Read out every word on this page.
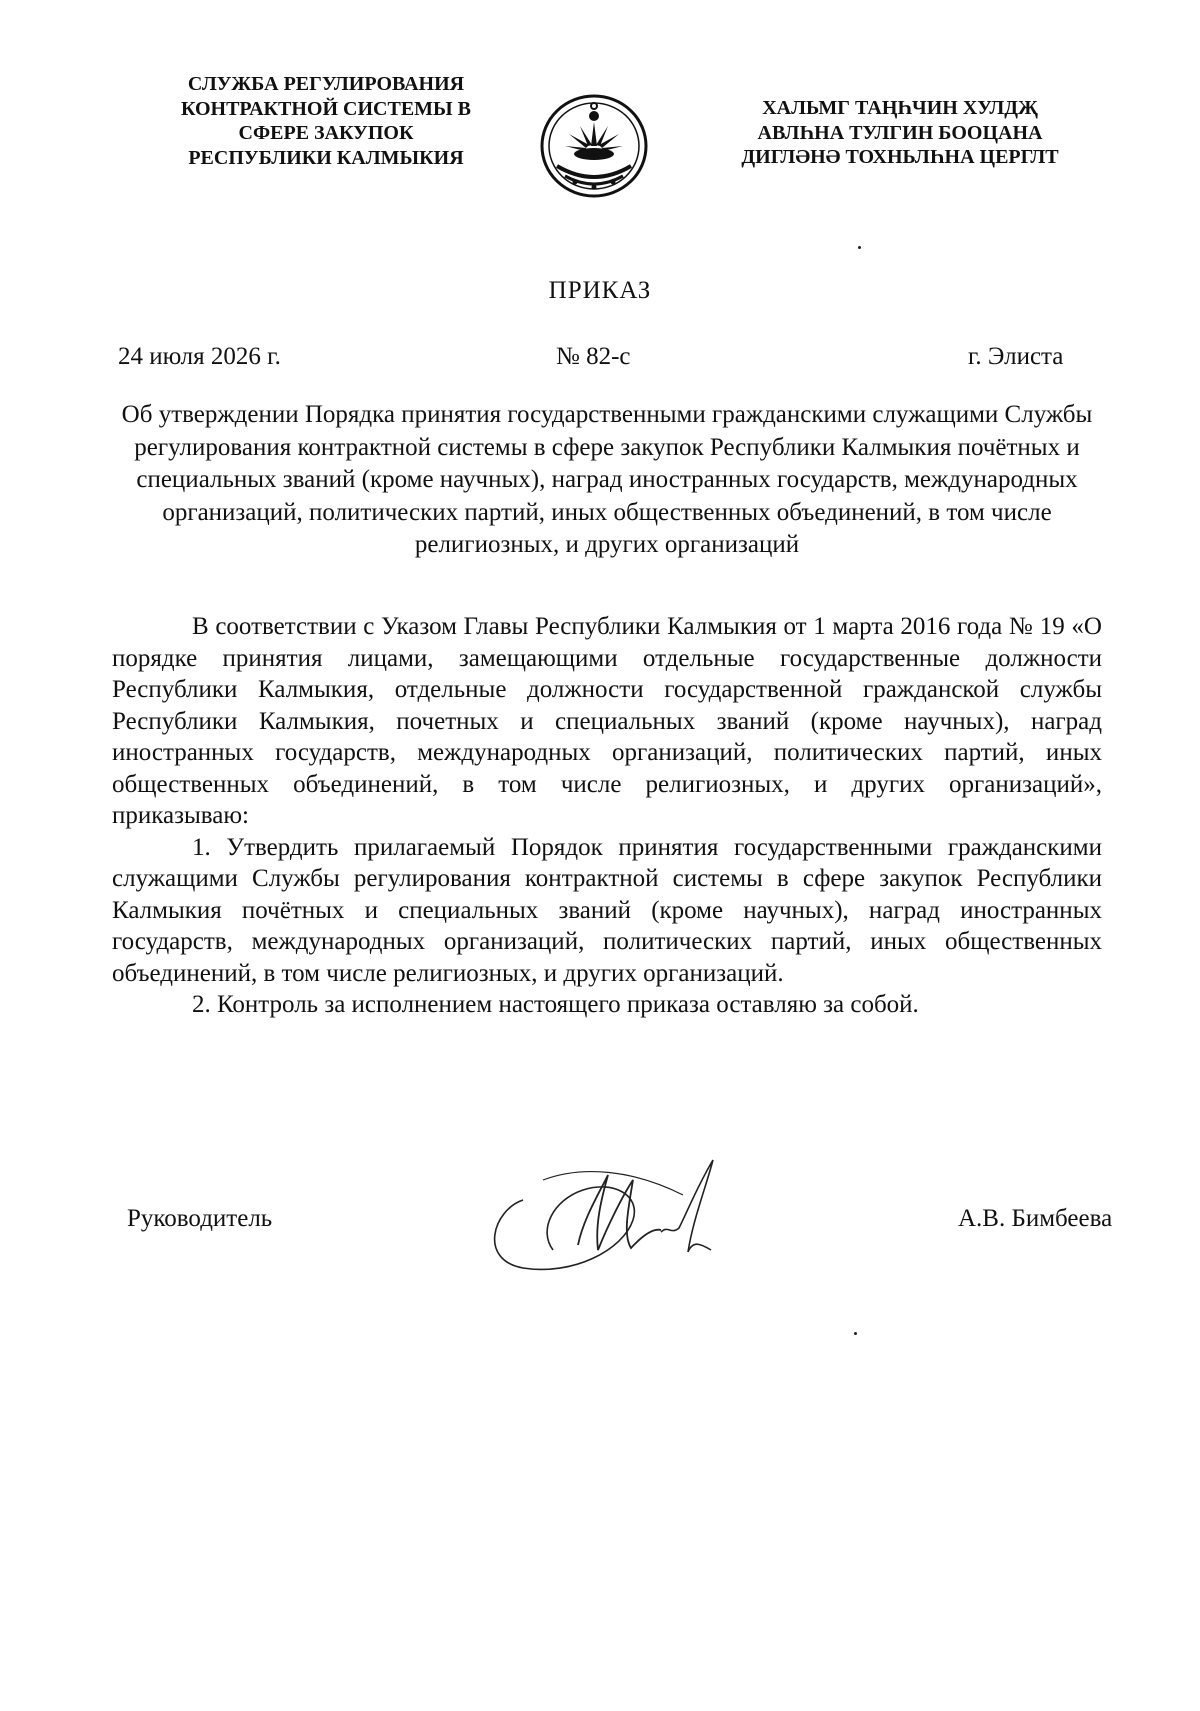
СЛУЖБА РЕГУЛИРОВАНИЯ КОНТРАКТНОЙ СИСТЕМЫ В СФЕРЕ ЗАКУПОК РЕСПУБЛИКИ КАЛМЫКИЯ
ХАЛЬМГ ТАҢҺЧИН ХУЛДҖ АВЛҺНА ТУЛГИН БООЦАНА ДИГЛӘНӘ ТОХНЬЛҺНА ЦЕРГЛТ
ПРИКАЗ
24 июля 2026 г.	№ 82-с	г. Элиста
Об утверждении Порядка принятия государственными гражданскими служащими Службы регулирования контрактной системы в сфере закупок Республики Калмыкия почётных и специальных званий (кроме научных), наград иностранных государств, международных организаций, политических партий, иных общественных объединений, в том числе религиозных, и других организаций

В соответствии с Указом Главы Республики Калмыкия от 1 марта 2016 года № 19 «О порядке принятия лицами, замещающими отдельные государственные должности Республики Калмыкия, отдельные должности государственной гражданской службы Республики Калмыкия, почетных и специальных званий (кроме научных), наград иностранных государств, международных организаций, политических партий, иных общественных объединений, в том числе религиозных, и других организаций», приказываю:

1. Утвердить прилагаемый Порядок принятия государственными гражданскими служащими Службы регулирования контрактной системы в сфере закупок Республики Калмыкия почётных и специальных званий (кроме научных), наград иностранных государств, международных организаций, политических партий, иных общественных объединений, в том числе религиозных, и других организаций.

2. Контроль за исполнением настоящего приказа оставляю за собой.

Руководитель	А.В. Бимбеева
